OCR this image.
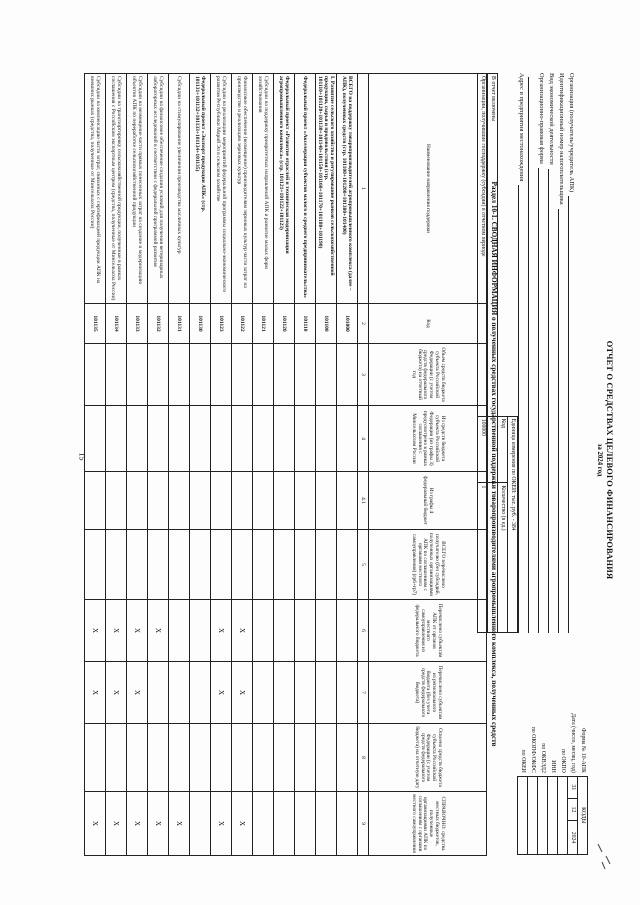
15	ОТЧЕТ О СРЕДСТВАХ ЦЕЛЕВОГО ФИНАНСИРОВАНИЯ
за 2024 год
Организация (получатель/учредитель АПК)
Идентификационный номер налогоплательщика
Вид экономической деятельности
Организационно-правовая форма
Адрес и предприятия местонахождения
Форма № 10-АПК	КОДЫ		
Дата (число, месяц, год)	31	12	2024
по ОКПО			
ИНН			
по ОКВЭД2			
по ОКОПФ/ОКФС			
по ОКЕИ			
	Единица измерения по ОКЕИ: тыс. руб. - 384	
	Код	Количество (в ед.)
В отчет включены		
Организации, получившие господдержку (субсидии) в отчетном периоде	100000	1 Раздел 10-1. СВОДНАЯ ИНФОРМАЦИЯ о полученных средствах государственной поддержки товаропроизводителями агропромышленного комплекса, полученных средств
Наименование направления поддержки	Код	Объем средств бюджета субъекта Российской Федерации (с учетом средств федерального бюджета) на отчетный год	Из средств бюджета субъекта Российской Федерации (из графы 3) предусмотрено в рамках соглашения с Минсельхозом России	Из графы 4 федеральный бюджет	ВСЕГО перечислено получателю (без субсидий, полученных организациями АПК по соглашениям с органами местного самоуправления) (гр6+гр7)	Перечислено субъектам АПК от органов местного самоуправления из федерального бюджета	Перечислено субъектам из регионального бюджета (без учета средств федерального бюджета)	Освоено средств бюджета субъекта Российской Федерации (с учетом средств федерального бюджета) на отчетную дату	СПРАВОЧНО: средства местных бюджетов, полученные организациями АПК по соглашениям с органами местного самоуправления
1	2	3	4	4.1	5	6	7	8	9
ВСЕГО на поддержку товаропроизводителей агропромышленного комплекса (далее – АПК), полученных средств (стр. 101100+101200+101300+101400)	101000								
I. Развитие сельского хозяйства и регулирование рынков сельскохозяйственной продукции, сырья и продовольствия (стр. 101110+101120+101130+101140+101150+101160+101170+101180+101190)	101100								
Федеральный проект «Акселерация субъектов малого и среднего предпринимательства»	101110								
Федеральный проект «Развитие отраслей и техническая модернизация агропромышленного комплекса» (стр. 101121+101122+101123)	101120								
Субсидии на поддержку приоритетных направлений АПК и развитие малых форм хозяйствования	101121								
Финансовое обеспечение (возмещение) производителям зерновых культур части затрат на производство и реализацию зерновых культур	101122					X	X		X
Субсидии на реализацию мероприятий федеральной программы социально-экономического развития Республики Марий Эл в сельском хозяйстве	101123					X	X		X
Федеральный проект «Экспорт продукции АПК» (стр. 101131+101132+101133+101134+101135)	101130								
Субсидии на стимулирование увеличения производства масличных культур	101131								X
Субсидии на финансовое обеспечение создания условий для получения ветеринарных лабораторных исследований в соответствии с федеральной программой развития	101132					X			X
Субсидии на возмещение части прямых понесенных затрат на создание и модернизацию объектов АПК по переработке сельскохозяйственной продукции	101133					X	X		X
Субсидии на транспортировку сельскохозяйственной продукции, полученные в рамках соглашения с Российским экспортным центром (средства, полученные от Минсельхоза России)	101134					X	X		X
Субсидии на компенсацию части затрат, связанных с сертификацией продукции АПК на внешних рынках (средства, полученные от Минсельхоза России)	101135					X	X		X
